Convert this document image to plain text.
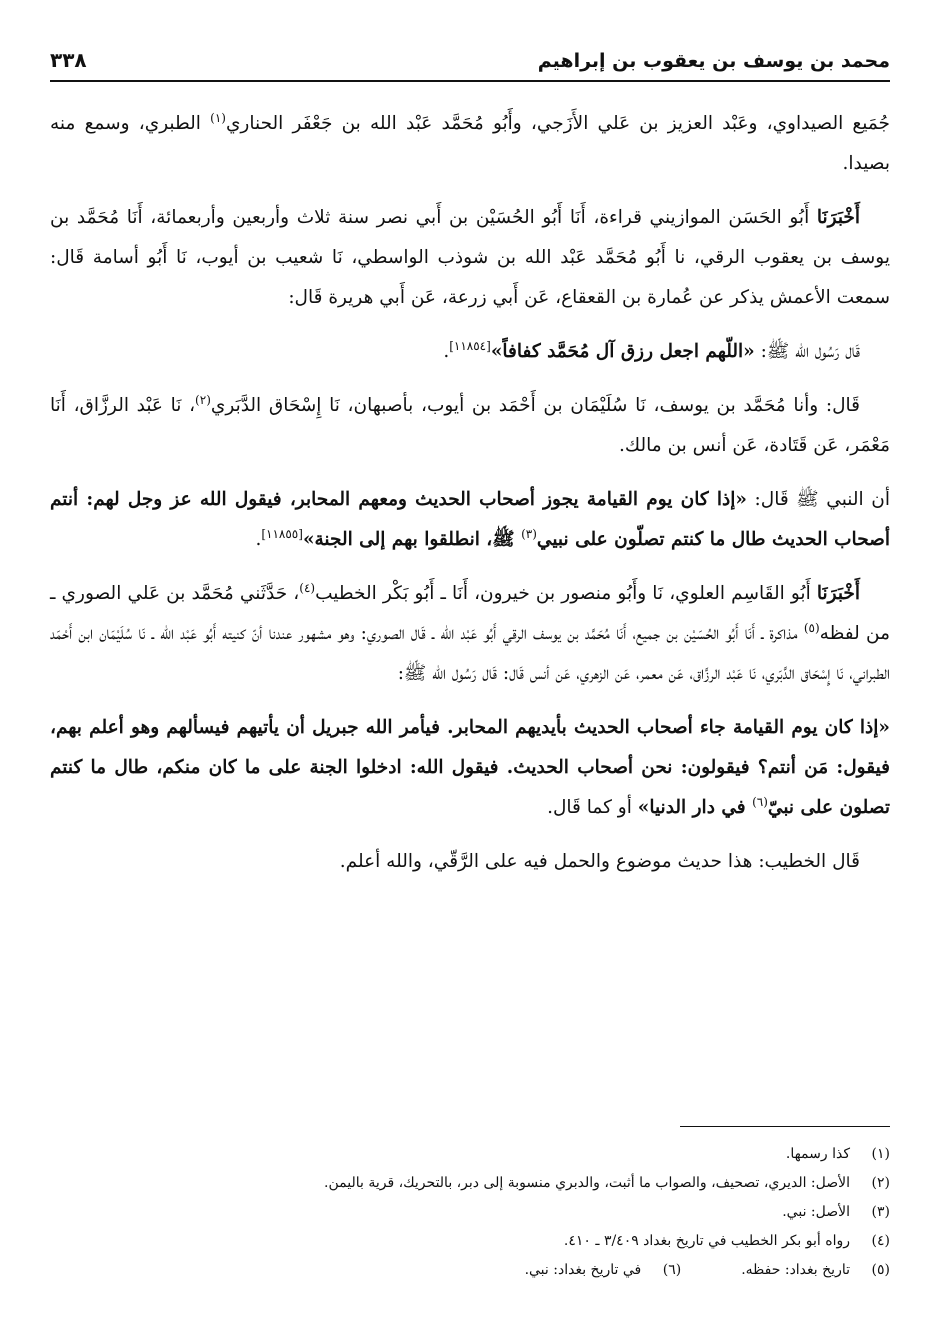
محمد بن يوسف بن يعقوب بن إبراهيم
٣٣٨

جُمَيع الصيداوي، وعَبْد العزيز بن عَلي الأَزَجي، وأَبُو مُحَمَّد عَبْد الله بن جَعْفَر الحناري$^{(١)}$ الطبري، وسمع منه بصيدا.

أَخْبَرَنَا أَبُو الحَسَن الموازيني قراءة، أَنَا أَبُو الحُسَيْن بن أَبي نصر سنة ثلاث وأربعين وأربعمائة، أَنَا مُحَمَّد بن يوسف بن يعقوب الرقي، نا أَبُو مُحَمَّد عَبْد الله بن شوذب الواسطي، نَا شعيب بن أيوب، نَا أَبُو أسامة قَال: سمعت الأعمش يذكر عن عُمارة بن القعقاع، عَن أَبي زرعة، عَن أَبي هريرة قَال:

قَال رَسُول الله ﷺ: «اللّهم اجعل رزق آل مُحَمَّد كفافاً»[١١٨٥٤].

قَال: وأنا مُحَمَّد بن يوسف، نَا سُلَيْمَان بن أَحْمَد بن أيوب، بأصبهان، نَا إِسْحَاق الدَّبَري$^{(٢)}$، نَا عَبْد الرزَّاق، أَنَا مَعْمَر، عَن قَتَادة، عَن أنس بن مالك.

أن النبي ﷺ قَال: «إذا كان يوم القيامة يجوز أصحاب الحديث ومعهم المحابر، فيقول الله عز وجل لهم: أنتم أصحاب الحديث طال ما كنتم تصلّون على نبيي$^{(٣)}$ ﷺ، انطلقوا بهم إلى الجنة»[١١٨٥٥].

أَخْبَرَنَا أَبُو القَاسِم العلوي، نَا وأَبُو منصور بن خيرون، أَنَا ـ أَبُو بَكْر الخطيب$^{(٤)}$، حَدَّثَني مُحَمَّد بن عَلي الصوري ـ من لفظه$^{(٥)}$ مذاكرة ـ أَنَا أَبُو الحُسَيْن بن جميع، أَنَا مُحَمَّد بن يوسف الرقي أَبُو عَبْد اللّه ـ قَال الصوري: وهو مشهور عندنا أنّ كنيته أَبُو عَبْد اللّه ـ نَا سُلَيْمَان ابن أَحْمَد الطبراني، نَا إِسْحَاق الدَّبَري، نَا عَبْد الرزَّاق، عَن معمر، عَن الزهري، عَن أنس قَال: قَال رَسُول الله ﷺ:

«إذا كان يوم القيامة جاء أصحاب الحديث بأيديهم المحابر. فيأمر الله جبريل أن يأتيهم فيسألهم وهو أعلم بهم، فيقول: مَن أنتم؟ فيقولون: نحن أصحاب الحديث. فيقول الله: ادخلوا الجنة على ما كان منكم، طال ما كنتم تصلون على نبيّ$^{(٦)}$ في دار الدنيا» أو كما قَال.

قَال الخطيب: هذا حديث موضوع والحمل فيه على الرَّقّي، والله أعلم.

(١)
كذا رسمها.
(٢)
الأصل: الديري، تصحيف، والصواب ما أثبت، والدبري منسوبة إلى دبر، بالتحريك، قرية باليمن.
(٣)
الأصل: نبي.
(٤)
رواه أبو بكر الخطيب في تاريخ بغداد ٣/٤٠٩ ـ ٤١٠.
(٥)
تاريخ بغداد: حفظه.
(٦)
في تاريخ بغداد: نبي.
